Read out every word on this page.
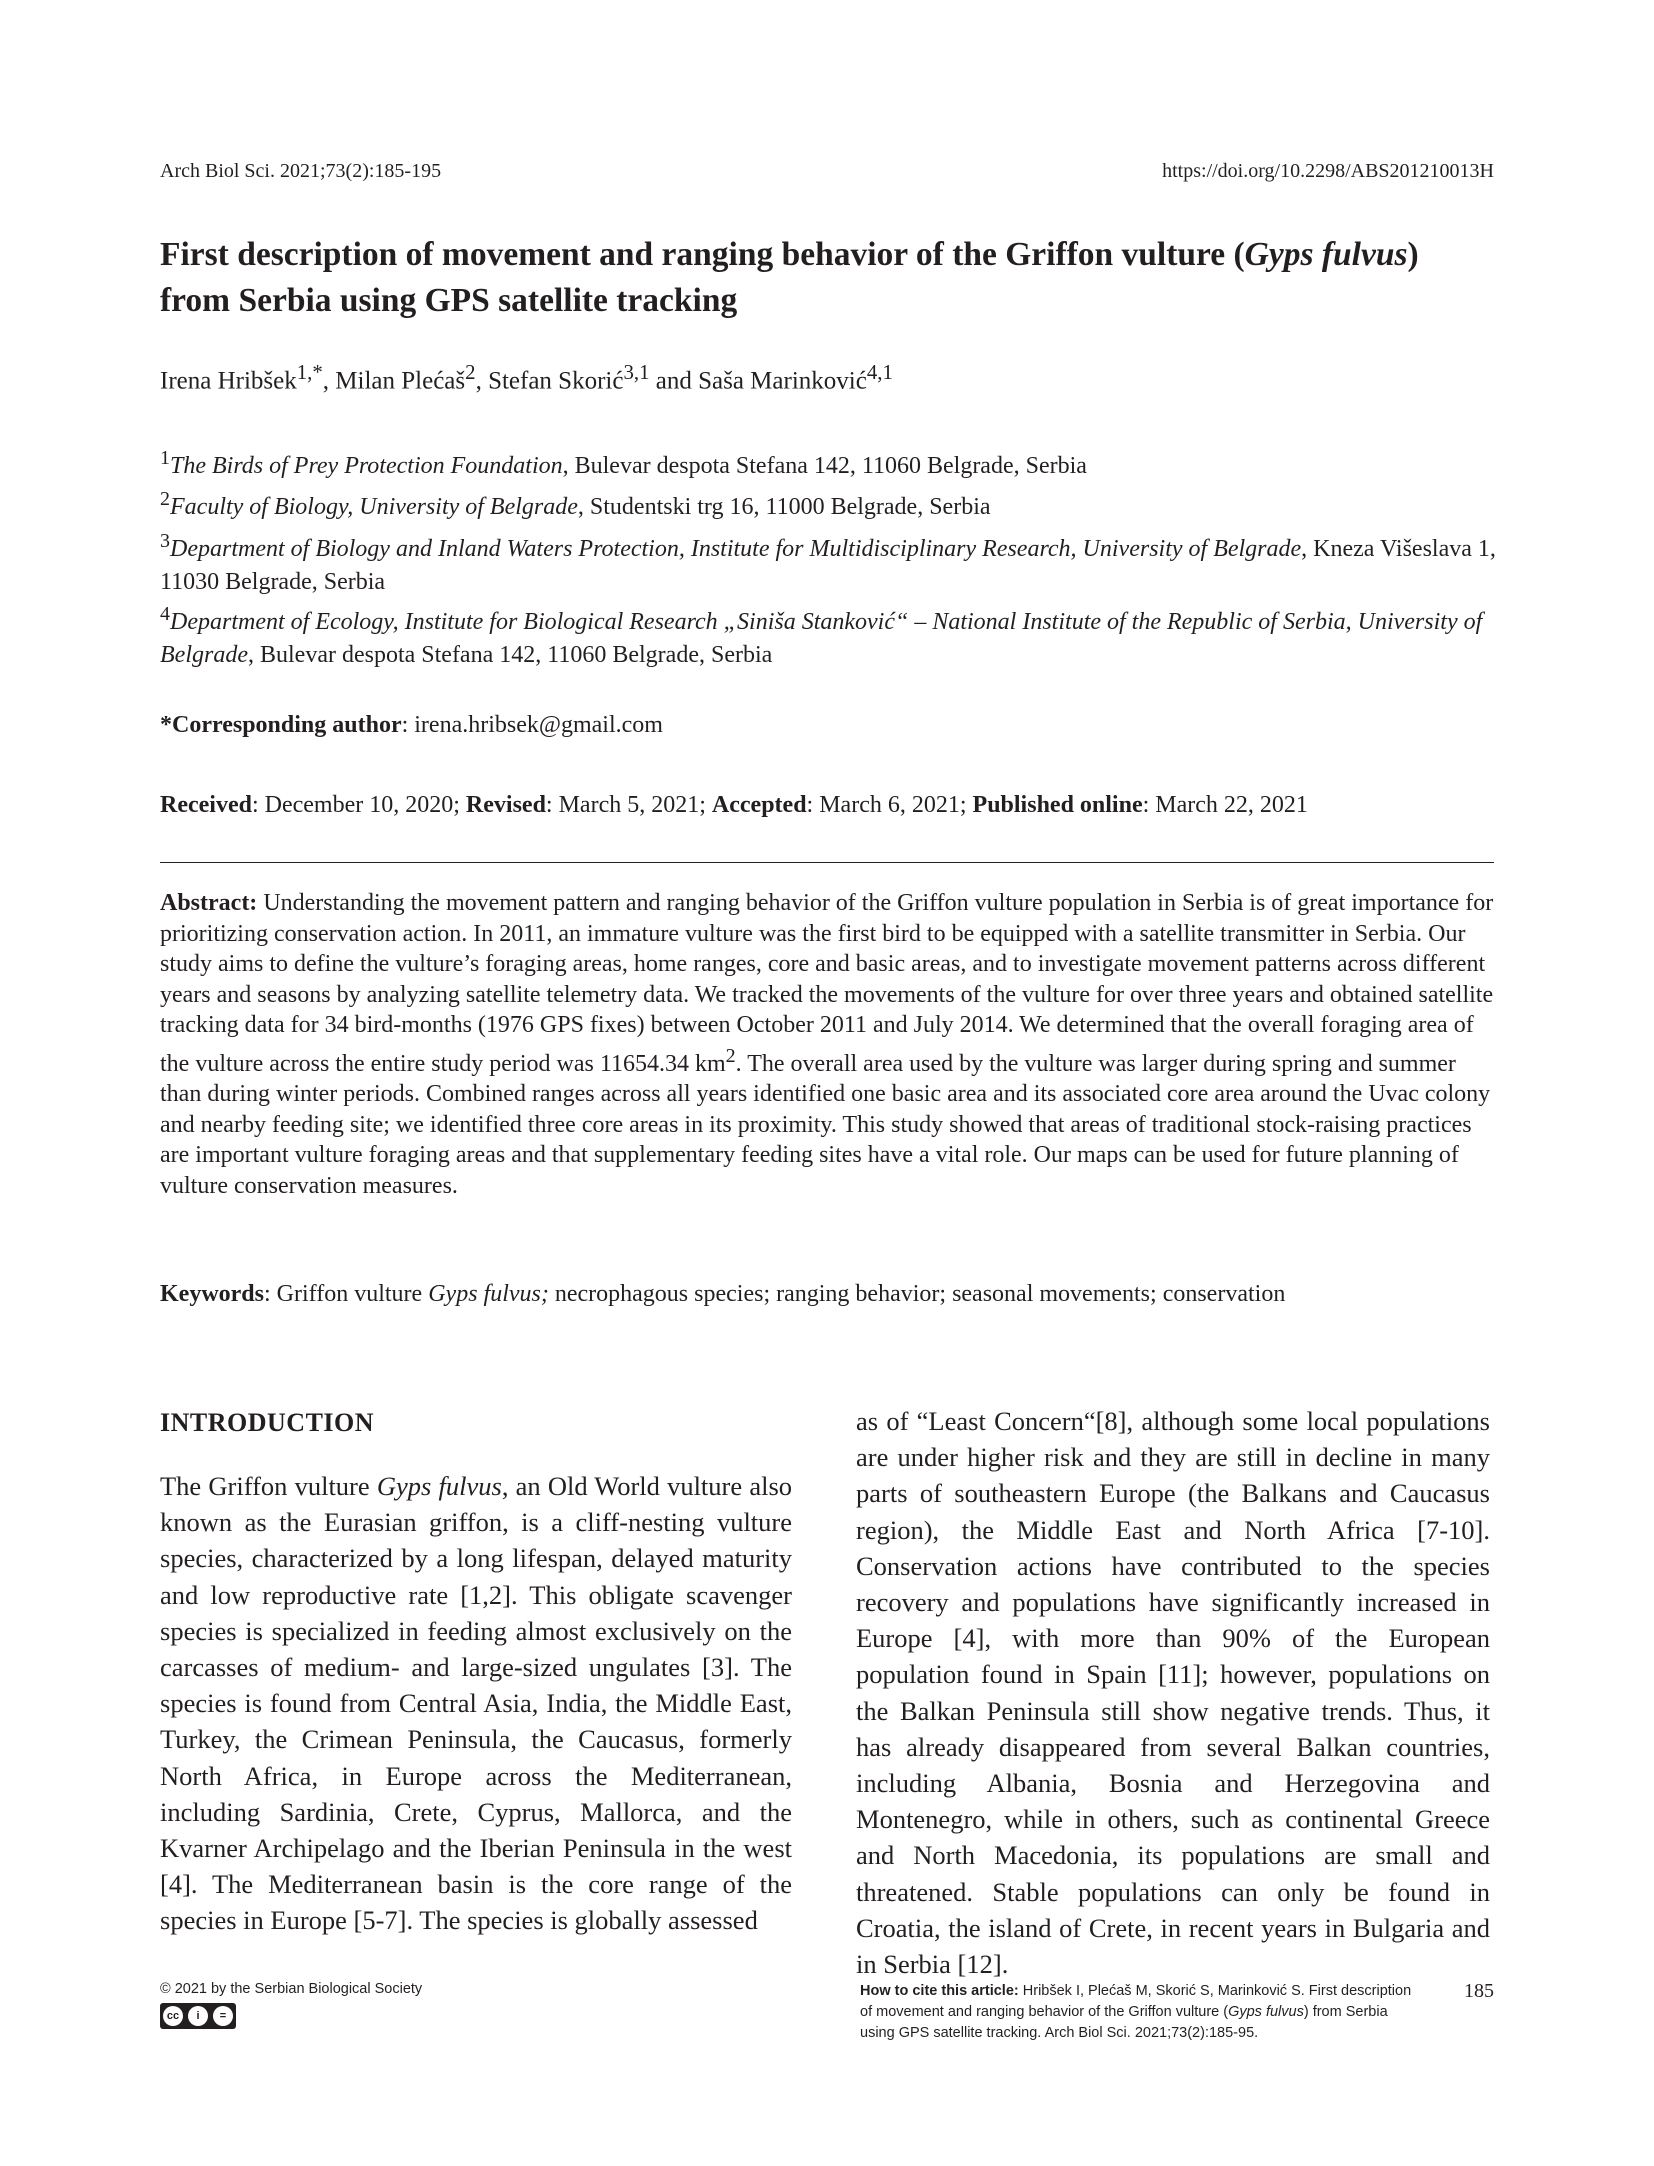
Arch Biol Sci. 2021;73(2):185-195	https://doi.org/10.2298/ABS201210013H
First description of movement and ranging behavior of the Griffon vulture (Gyps fulvus) from Serbia using GPS satellite tracking
Irena Hribšek$^{1,*}$, Milan Plećaš$^2$, Stefan Skorić$^{3,1}$ and Saša Marinković$^{4,1}$
$^1$The Birds of Prey Protection Foundation, Bulevar despota Stefana 142, 11060 Belgrade, Serbia
$^2$Faculty of Biology, University of Belgrade, Studentski trg 16, 11000 Belgrade, Serbia
$^3$Department of Biology and Inland Waters Protection, Institute for Multidisciplinary Research, University of Belgrade, Kneza Višeslava 1, 11030 Belgrade, Serbia
$^4$Department of Ecology, Institute for Biological Research „Siniša Stanković“ – National Institute of the Republic of Serbia, University of Belgrade, Bulevar despota Stefana 142, 11060 Belgrade, Serbia
*Corresponding author: irena.hribsek@gmail.com
Received: December 10, 2020; Revised: March 5, 2021; Accepted: March 6, 2021; Published online: March 22, 2021
Abstract: Understanding the movement pattern and ranging behavior of the Griffon vulture population in Serbia is of great importance for prioritizing conservation action. In 2011, an immature vulture was the first bird to be equipped with a satellite transmitter in Serbia. Our study aims to define the vulture’s foraging areas, home ranges, core and basic areas, and to investigate movement patterns across different years and seasons by analyzing satellite telemetry data. We tracked the movements of the vulture for over three years and obtained satellite tracking data for 34 bird-months (1976 GPS fixes) between October 2011 and July 2014. We determined that the overall foraging area of the vulture across the entire study period was 11654.34 $km^2$. The overall area used by the vulture was larger during spring and summer than during winter periods. Combined ranges across all years identified one basic area and its associated core area around the Uvac colony and nearby feeding site; we identified three core areas in its proximity. This study showed that areas of traditional stock-raising practices are important vulture foraging areas and that supplementary feeding sites have a vital role. Our maps can be used for future planning of vulture conservation measures.
Keywords: Griffon vulture Gyps fulvus; necrophagous species; ranging behavior; seasonal movements; conservation
INTRODUCTION
The Griffon vulture Gyps fulvus, an Old World vulture also known as the Eurasian griffon, is a cliff-nesting vulture species, characterized by a long lifespan, delayed maturity and low reproductive rate [1,2]. This obligate scavenger species is specialized in feeding almost exclusively on the carcasses of medium- and large-sized ungulates [3]. The species is found from Central Asia, India, the Middle East, Turkey, the Crimean Peninsula, the Caucasus, formerly North Africa, in Europe across the Mediterranean, including Sardinia, Crete, Cyprus, Mallorca, and the Kvarner Archipelago and the Iberian Peninsula in the west [4]. The Mediterranean basin is the core range of the species in Europe [5-7]. The species is globally assessed
as of “Least Concern“[8], although some local populations are under higher risk and they are still in decline in many parts of southeastern Europe (the Balkans and Caucasus region), the Middle East and North Africa [7-10]. Conservation actions have contributed to the species recovery and populations have significantly increased in Europe [4], with more than 90% of the European population found in Spain [11]; however, populations on the Balkan Peninsula still show negative trends. Thus, it has already disappeared from several Balkan countries, including Albania, Bosnia and Herzegovina and Montenegro, while in others, such as continental Greece and North Macedonia, its populations are small and threatened. Stable populations can only be found in Croatia, the island of Crete, in recent years in Bulgaria and in Serbia [12].
© 2021 by the Serbian Biological Society
cc	i	=
How to cite this article: Hribšek I, Plećaš M, Skorić S, Marinković S. First description of movement and ranging behavior of the Griffon vulture (Gyps fulvus) from Serbia using GPS satellite tracking. Arch Biol Sci. 2021;73(2):185-95.
185
